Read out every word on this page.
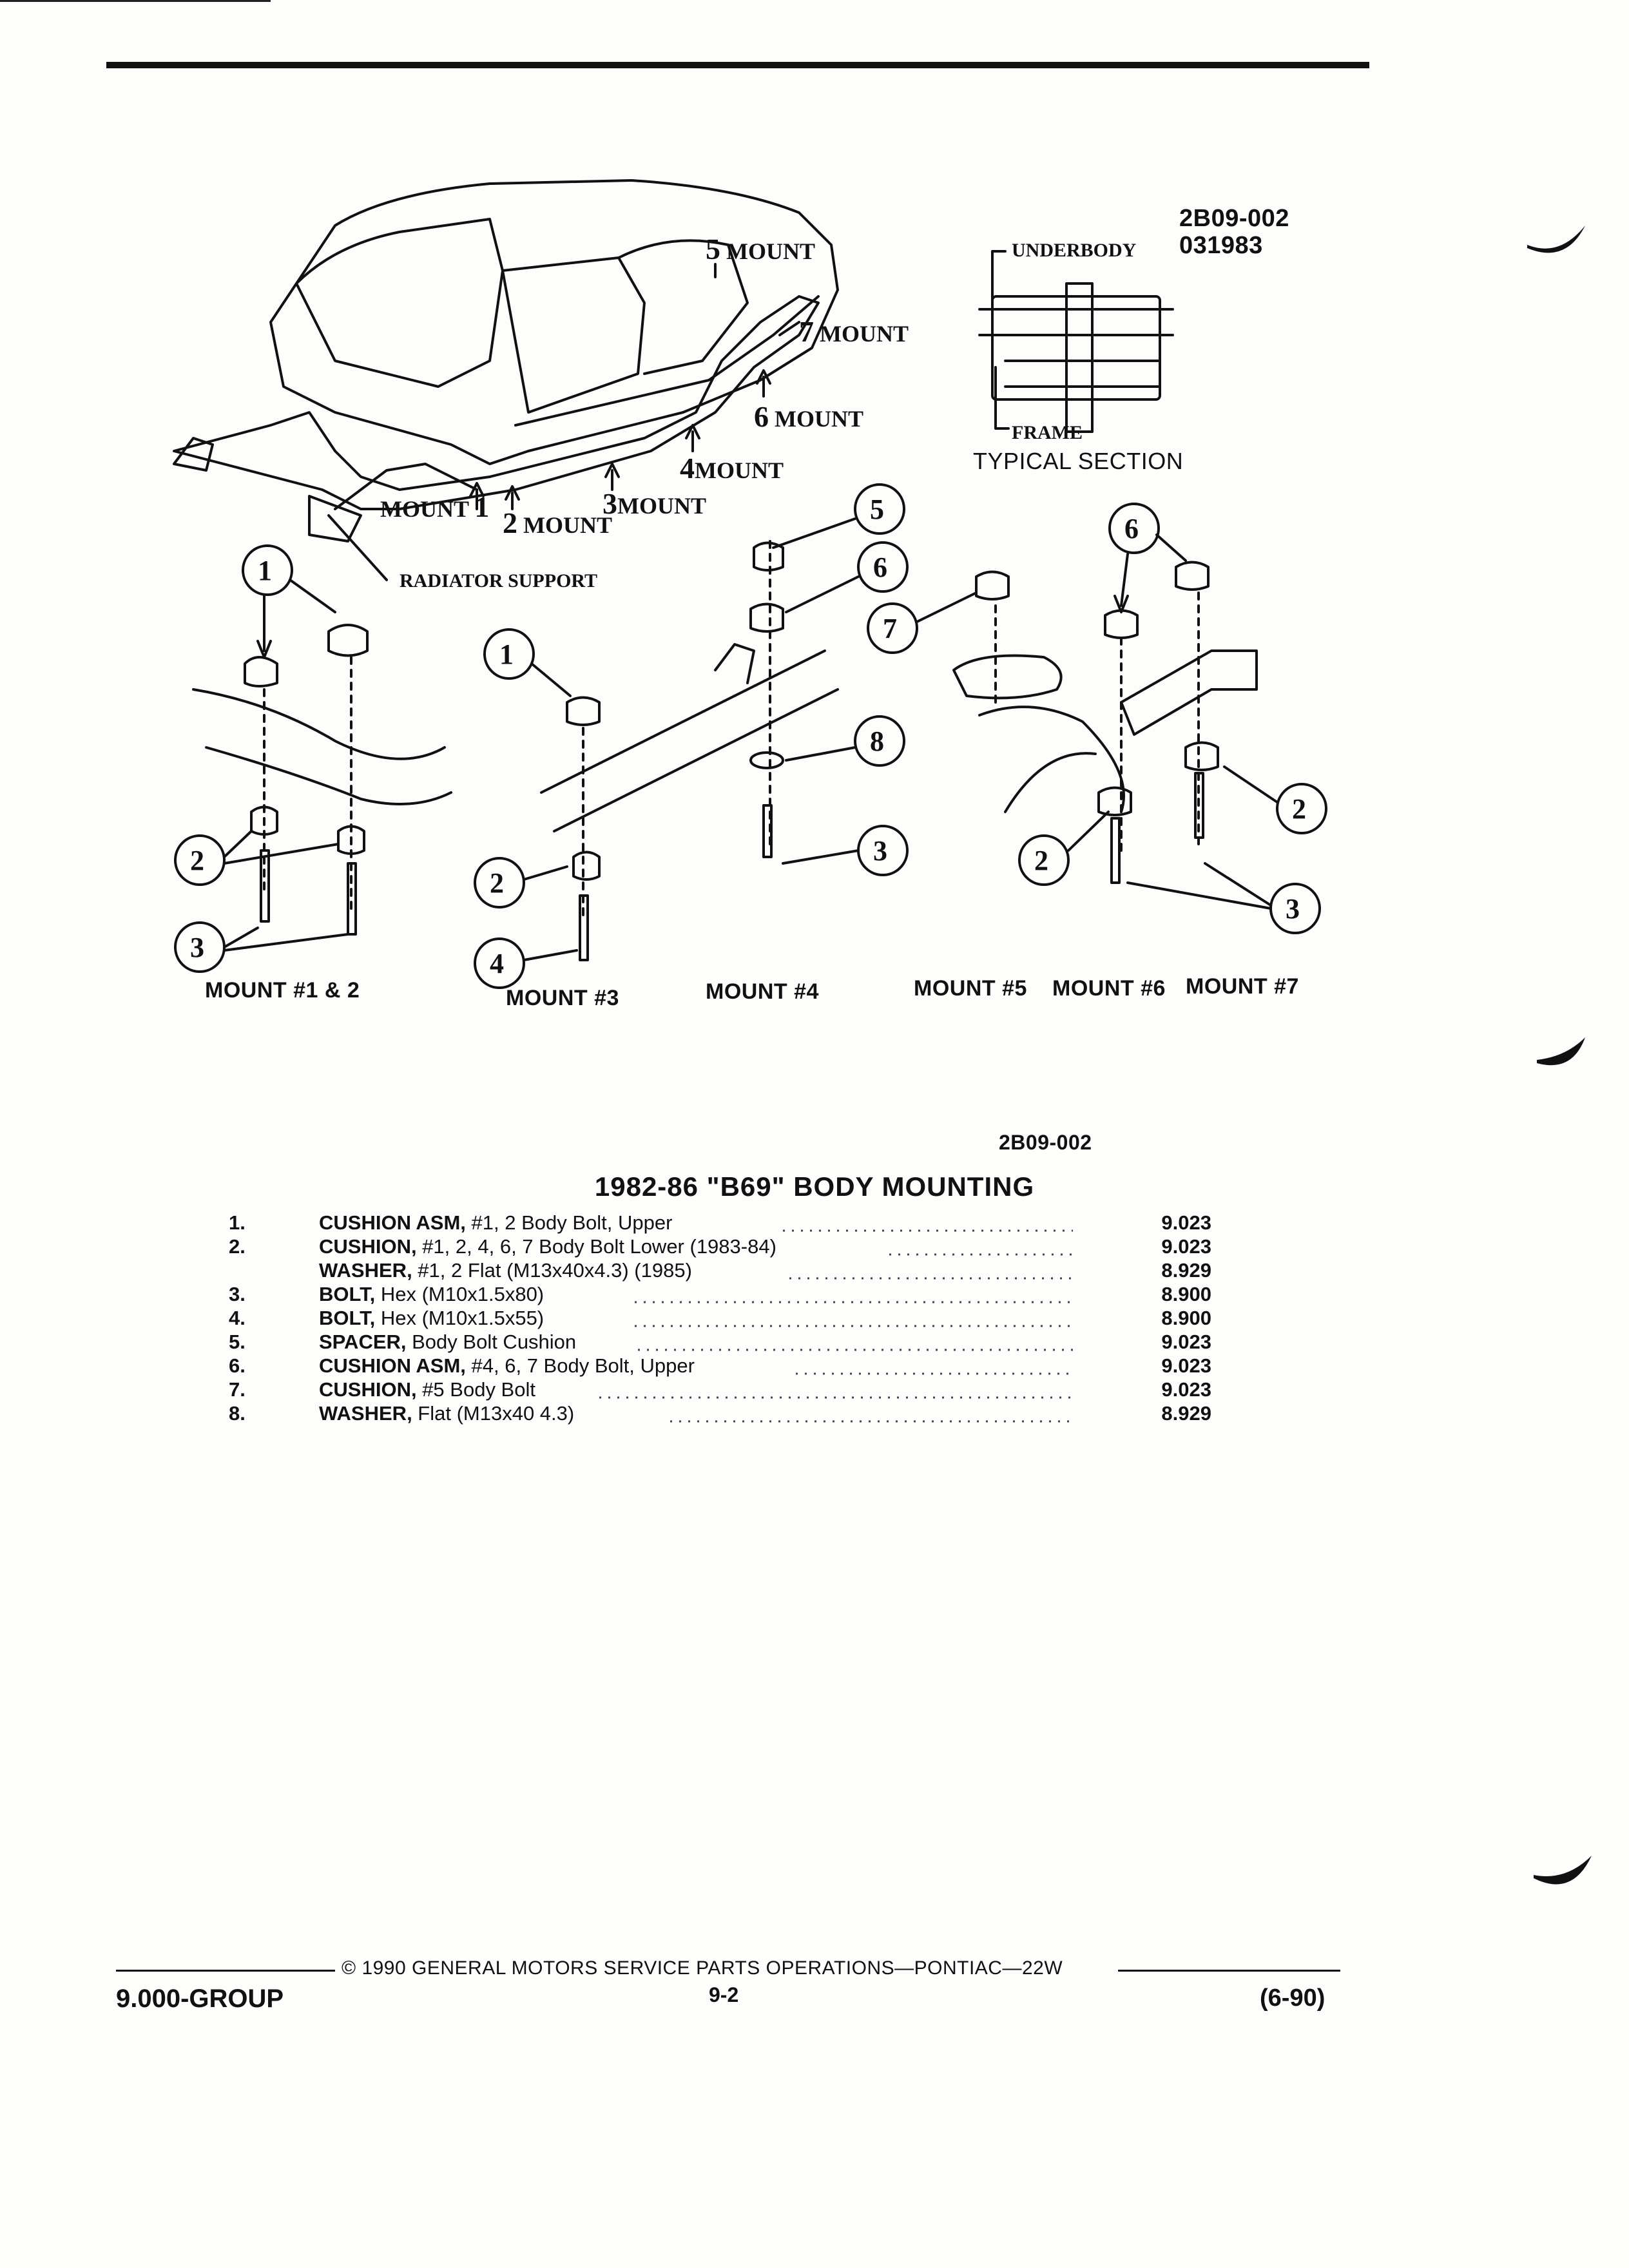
2B09-002
031983
5 MOUNT
7 MOUNT
6 MOUNT
4MOUNT
3MOUNT
2 MOUNT
MOUNT 1
RADIATOR SUPPORT
UNDERBODY
FRAME
TYPICAL SECTION
1
2
3
1
2
4
5
6
8
3
7
6
2
2
3
MOUNT #1 & 2	MOUNT #3	MOUNT #4	MOUNT #5 MOUNT #6 MOUNT #7
2B09-002
1982-86 "B69" BODY MOUNTING
1.	CUSHION ASM, #1, 2 Body Bolt, Upper	9.023
2.	CUSHION, #1, 2, 4, 6, 7 Body Bolt Lower (1983-84)	9.023
WASHER, #1, 2 Flat (M13x40x4.3) (1985)	8.929
3.	BOLT, Hex (M10x1.5x80)	8.900
4.	BOLT, Hex (M10x1.5x55)	8.900
5.	SPACER, Body Bolt Cushion	9.023
6.	CUSHION ASM, #4, 6, 7 Body Bolt, Upper	9.023
7.	CUSHION, #5 Body Bolt	9.023
8.	WASHER, Flat (M13x40 4.3)	8.929
© 1990 GENERAL MOTORS SERVICE PARTS OPERATIONS—PONTIAC—22W
9.000-GROUP	9-2	(6-90)
